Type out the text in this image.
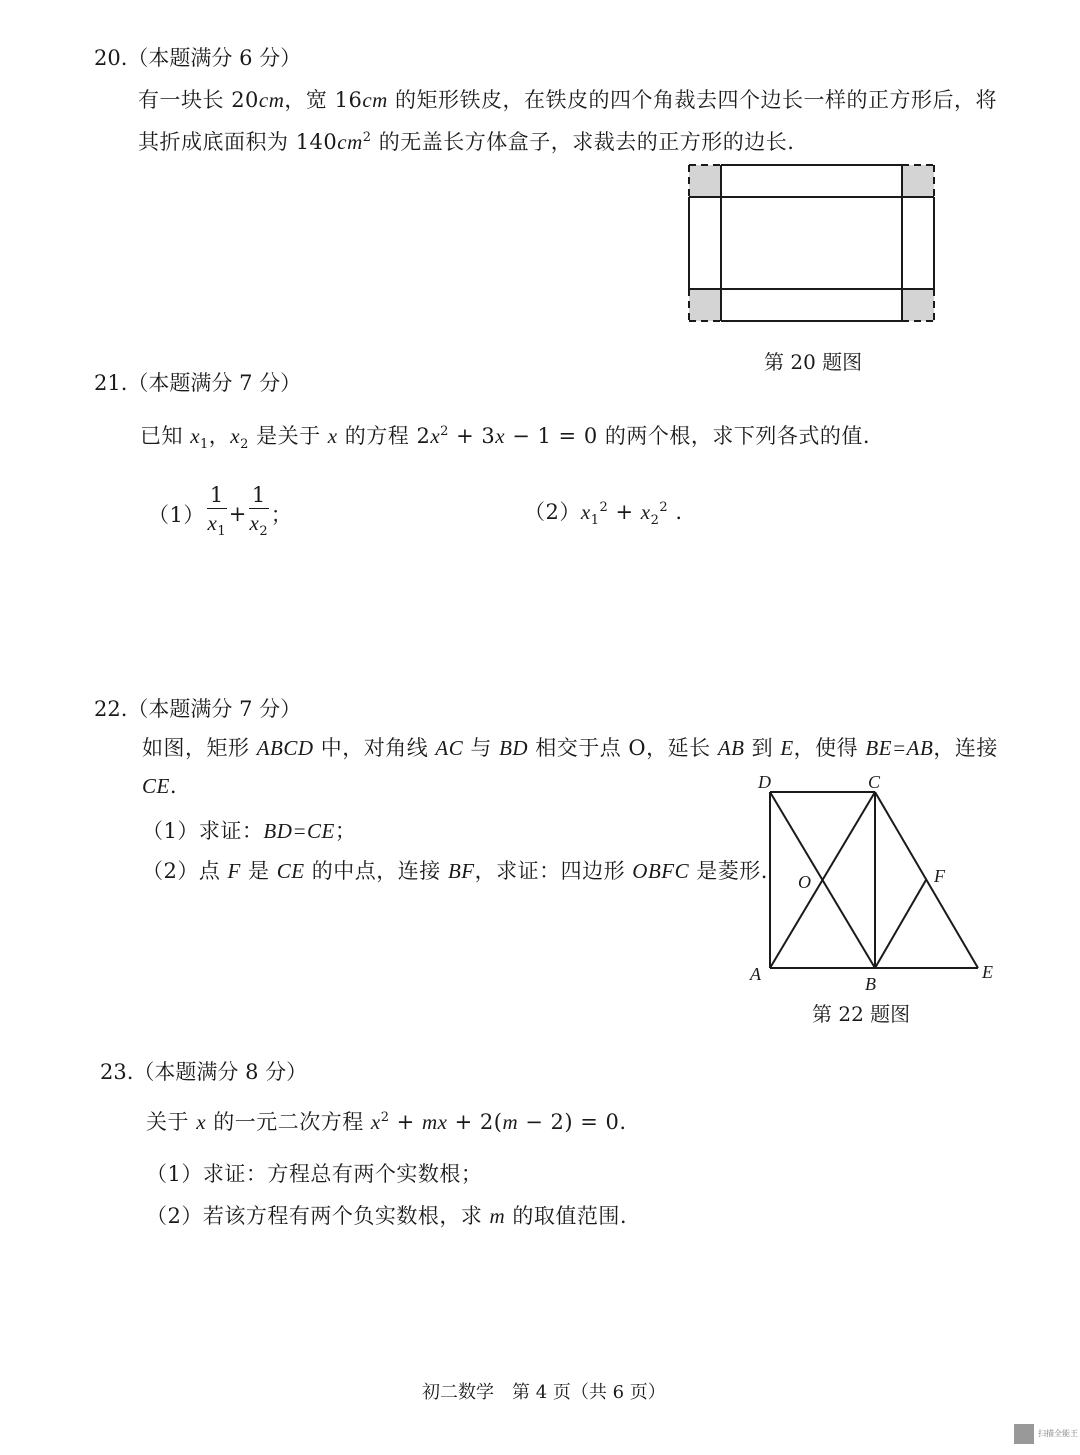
20.（本题满分 6 分）
有一块长 20cm，宽 16cm 的矩形铁皮，在铁皮的四个角裁去四个边长一样的正方形后，将
其折成底面积为 $140cm^2$ 的无盖长方体盒子，求裁去的正方形的边长.
第 20 题图
21.（本题满分 7 分）
已知 $x_1$，$x_2$ 是关于 x 的方程 $2x^2 + 3x - 1 = 0$ 的两个根，求下列各式的值.
$(1) \frac{1}{x_1} + \frac{1}{x_2}$ ；	$(2)x_1^2 + x_2^2$ .
22.（本题满分 7 分）
如图，矩形 ABCD 中，对角线 AC 与 BD 相交于点 O，延长 AB 到 E，使得 BE=AB，连接
CE.
（1）求证：BD=CE；
（2）点 F 是 CE 的中点，连接 BF，求证：四边形 OBFC 是菱形.
D	C
O	F
A	B
E
第 22 题图
23.（本题满分 8 分）
关于 x 的一元二次方程 $x^2$ + mx + 2(m − 2) = 0.
（1）求证：方程总有两个实数根；
（2）若该方程有两个负实数根，求 m 的取值范围.
初二数学　第 4 页（共 6 页）
扫描全能王
